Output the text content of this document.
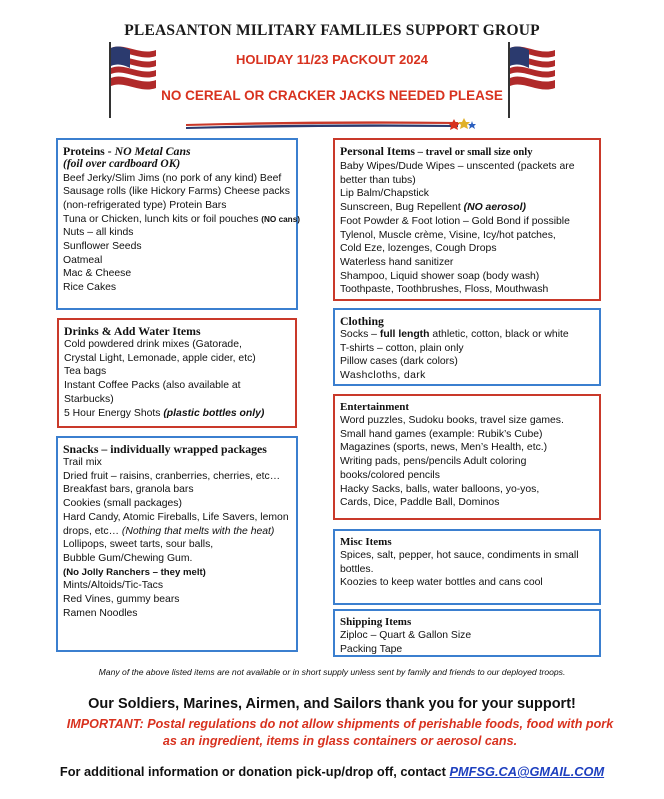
PLEASANTON MILITARY FAMLILES SUPPORT GROUP
HOLIDAY 11/23 PACKOUT 2024
NO CEREAL OR CRACKER JACKS NEEDED PLEASE
Proteins - NO Metal Cans
(foil over cardboard OK)
Beef Jerky/Slim Jims (no pork of any kind) Beef
Sausage rolls (like Hickory Farms) Cheese packs
(non-refrigerated type) Protein Bars
Tuna or Chicken, lunch kits or foil pouches (NO cans)
Nuts – all kinds
Sunflower Seeds
Oatmeal
Mac & Cheese
Rice Cakes
Drinks & Add Water Items
Cold powdered drink mixes (Gatorade,
Crystal Light, Lemonade, apple cider, etc)
Tea bags
Instant Coffee Packs (also available at
Starbucks)
5 Hour Energy Shots (plastic bottles only)
Snacks – individually wrapped packages
Trail mix
Dried fruit – raisins, cranberries, cherries, etc…
Breakfast bars, granola bars
Cookies (small packages)
Hard Candy, Atomic Fireballs, Life Savers, lemon
drops, etc… (Nothing that melts with the heat)
Lollipops, sweet tarts, sour balls,
Bubble Gum/Chewing Gum.
(No Jolly Ranchers – they melt)
Mints/Altoids/Tic-Tacs
Red Vines, gummy bears
Ramen Noodles
Personal Items – travel or small size only
Baby Wipes/Dude Wipes – unscented (packets are
better than tubs)
Lip Balm/Chapstick
Sunscreen, Bug Repellent (NO aerosol)
Foot Powder & Foot lotion – Gold Bond if possible
Tylenol, Muscle crème, Visine, Icy/hot patches,
Cold Eze, lozenges, Cough Drops
Waterless hand sanitizer
Shampoo, Liquid shower soap (body wash)
Toothpaste, Toothbrushes, Floss, Mouthwash
Clothing
Socks – full length athletic, cotton, black or white
T-shirts – cotton, plain only
Pillow cases (dark colors)
Washcloths, dark
Entertainment
Word puzzles, Sudoku books, travel size games.
Small hand games (example: Rubik’s Cube)
Magazines (sports, news, Men’s Health, etc.)
Writing pads, pens/pencils Adult coloring
books/colored pencils
Hacky Sacks, balls, water balloons, yo-yos,
Cards, Dice, Paddle Ball, Dominos
Misc Items
Spices, salt, pepper, hot sauce, condiments in small
bottles.
Koozies to keep water bottles and cans cool
Shipping Items
Ziploc – Quart & Gallon Size
Packing Tape
Many of the above listed items are not available or in short supply unless sent by family and friends to our deployed troops.
Our Soldiers, Marines, Airmen, and Sailors thank you for your support!
IMPORTANT: Postal regulations do not allow shipments of perishable foods, food with pork as an ingredient, items in glass containers or aerosol cans.
For additional information or donation pick-up/drop off, contact PMFSG.CA@GMAIL.COM
